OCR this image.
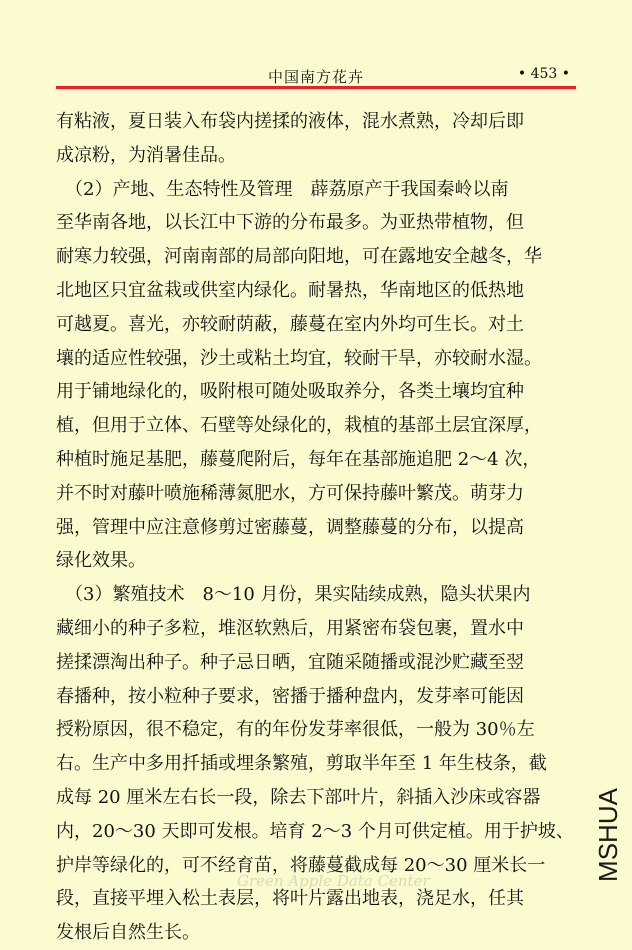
中国南方花卉	• 453 •
有粘液，夏日装入布袋内搓揉的液体，混水煮熟，冷却后即
成凉粉，为消暑佳品。
　（2）产地、生态特性及管理　薜荔原产于我国秦岭以南
至华南各地，以长江中下游的分布最多。为亚热带植物，但
耐寒力较强，河南南部的局部向阳地，可在露地安全越冬，华
北地区只宜盆栽或供室内绿化。耐暑热，华南地区的低热地
可越夏。喜光，亦较耐荫蔽，藤蔓在室内外均可生长。对土
壤的适应性较强，沙土或粘土均宜，较耐干旱，亦较耐水湿。
用于铺地绿化的，吸附根可随处吸取养分，各类土壤均宜种
植，但用于立体、石壁等处绿化的，栽植的基部土层宜深厚，
种植时施足基肥，藤蔓爬附后，每年在基部施追肥 2～4 次，
并不时对藤叶喷施稀薄氮肥水，方可保持藤叶繁茂。萌芽力
强，管理中应注意修剪过密藤蔓，调整藤蔓的分布，以提高
绿化效果。
　（3）繁殖技术　8～10 月份，果实陆续成熟，隐头状果内
藏细小的种子多粒，堆沤软熟后，用紧密布袋包裹，置水中
搓揉漂淘出种子。种子忌日晒，宜随采随播或混沙贮藏至翌
春播种，按小粒种子要求，密播于播种盘内，发芽率可能因
授粉原因，很不稳定，有的年份发芽率很低，一般为 30％左
右。生产中多用扦插或埋条繁殖，剪取半年至 1 年生枝条，截
成每 20 厘米左右长一段，除去下部叶片，斜插入沙床或容器
内，20～30 天即可发根。培育 2～3 个月可供定植。用于护坡、
护岸等绿化的，可不经育苗，将藤蔓截成每 20～30 厘米长一
段，直接平埋入松土表层，将叶片露出地表，浇足水，任其
发根后自然生长。
Green Apple Data Center	MSHUA
